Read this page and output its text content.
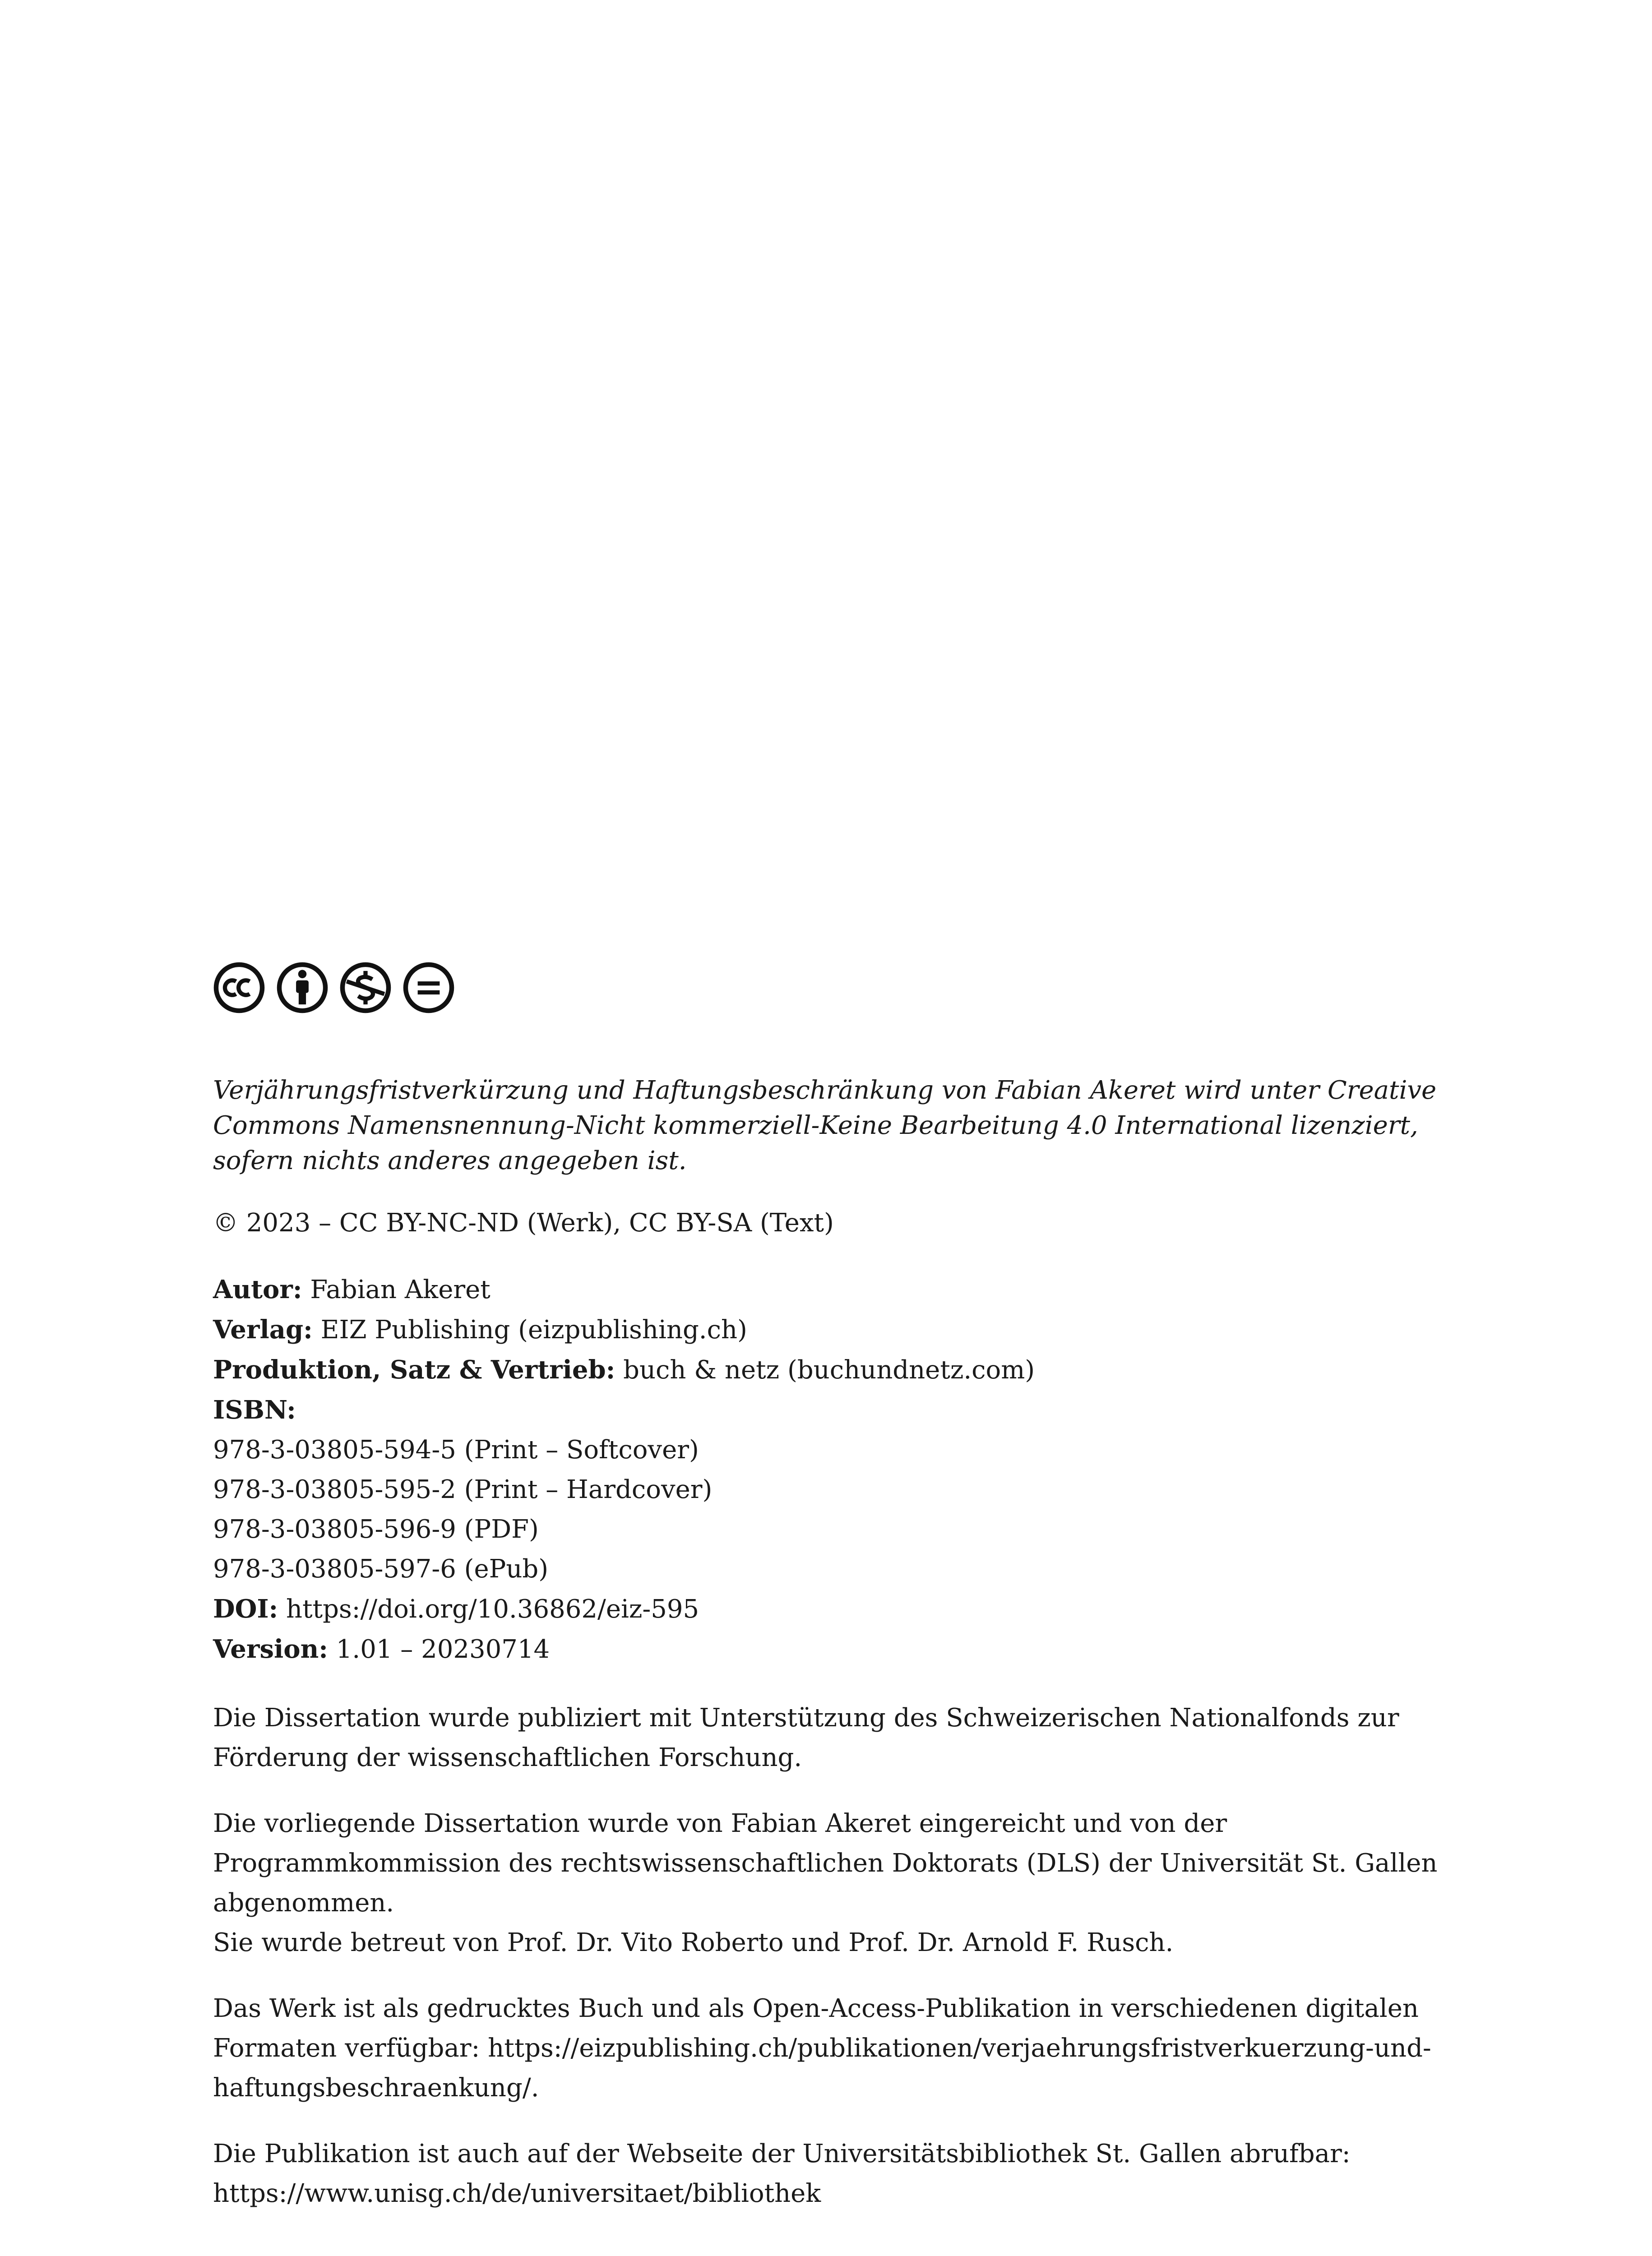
Verjährungsfristverkürzung und Haftungsbeschränkung von Fabian Akeret wird unter Creative Commons Namensnennung-Nicht kommerziell-Keine Bearbeitung 4.0 International lizenziert, sofern nichts anderes angegeben ist.

© 2023 – CC BY-NC-ND (Werk), CC BY-SA (Text)

Autor: Fabian Akeret
Verlag: EIZ Publishing (eizpublishing.ch)
Produktion, Satz & Vertrieb: buch & netz (buchundnetz.com)
ISBN:
978-3-03805-594-5 (Print – Softcover)
978-3-03805-595-2 (Print – Hardcover)
978-3-03805-596-9 (PDF)
978-3-03805-597-6 (ePub)
DOI: https://doi.org/10.36862/eiz-595
Version: 1.01 – 20230714

Die Dissertation wurde publiziert mit Unterstützung des Schweizerischen Nationalfonds zur Förderung der wissenschaftlichen Forschung.

Die vorliegende Dissertation wurde von Fabian Akeret eingereicht und von der Programmkommission des rechtswissenschaftlichen Doktorats (DLS) der Universität St. Gallen abgenommen.
Sie wurde betreut von Prof. Dr. Vito Roberto und Prof. Dr. Arnold F. Rusch.

Das Werk ist als gedrucktes Buch und als Open-Access-Publikation in verschiedenen digitalen Formaten verfügbar: https://eizpublishing.ch/publikationen/verjaehrungsfristverkuerzung-und-haftungsbeschraenkung/.

Die Publikation ist auch auf der Webseite der Universitätsbibliothek St. Gallen abrufbar:
https://www.unisg.ch/de/universitaet/bibliothek
